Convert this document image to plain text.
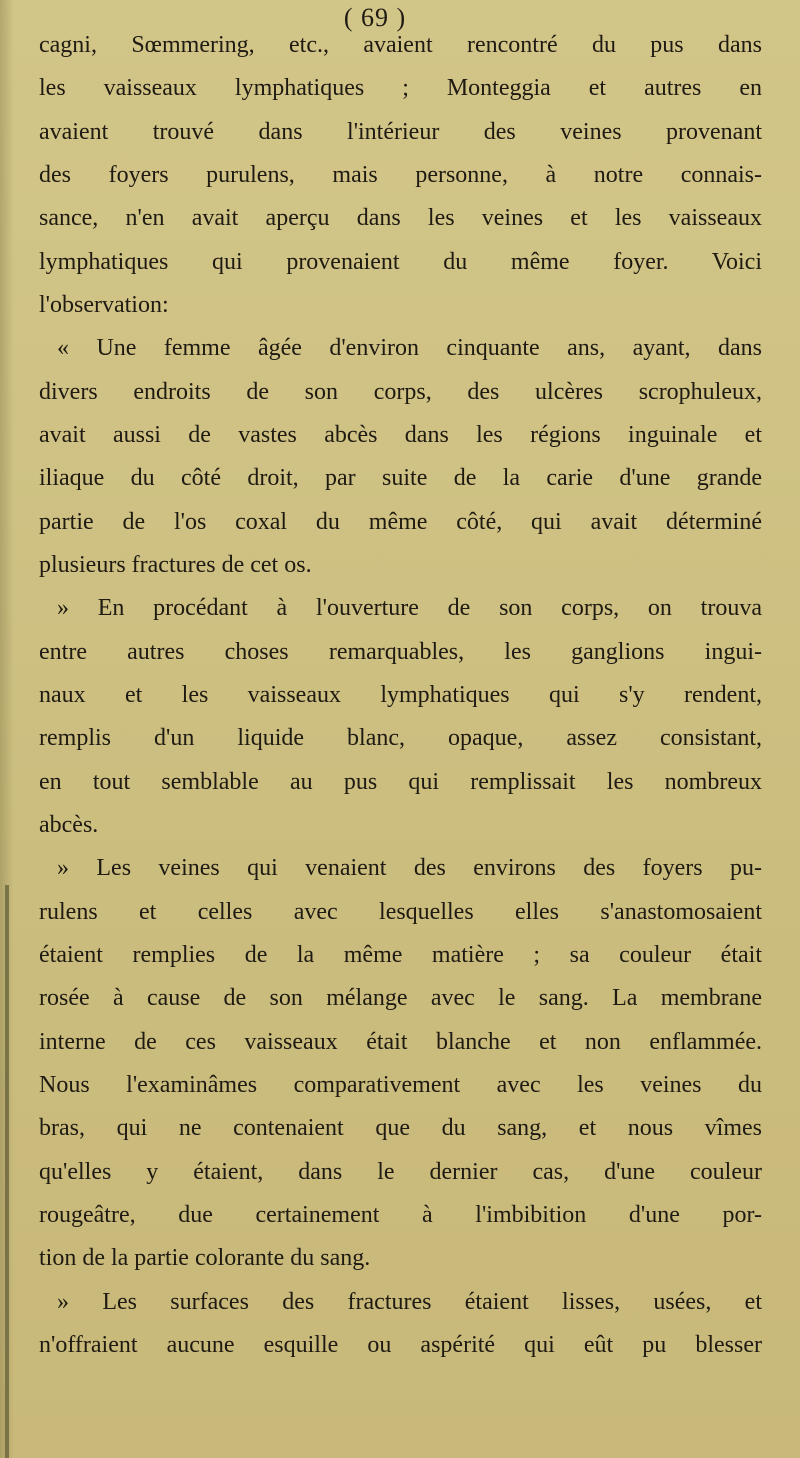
( 69 )
cagni, Sœmmering, etc., avaient rencontré du pus dans
les vaisseaux lymphatiques ; Monteggia et autres en
avaient trouvé dans l'intérieur des veines provenant
des foyers purulens, mais personne, à notre connais-
sance, n'en avait aperçu dans les veines et les vaisseaux
lymphatiques qui provenaient du même foyer. Voici
l'observation:
« Une femme âgée d'environ cinquante ans, ayant, dans
divers endroits de son corps, des ulcères scrophuleux,
avait aussi de vastes abcès dans les régions inguinale et
iliaque du côté droit, par suite de la carie d'une grande
partie de l'os coxal du même côté, qui avait déterminé
plusieurs fractures de cet os.
» En procédant à l'ouverture de son corps, on trouva
entre autres choses remarquables, les ganglions ingui-
naux et les vaisseaux lymphatiques qui s'y rendent,
remplis d'un liquide blanc, opaque, assez consistant,
en tout semblable au pus qui remplissait les nombreux
abcès.
» Les veines qui venaient des environs des foyers pu-
rulens et celles avec lesquelles elles s'anastomosaient
étaient remplies de la même matière ; sa couleur était
rosée à cause de son mélange avec le sang. La membrane
interne de ces vaisseaux était blanche et non enflammée.
Nous l'examinâmes comparativement avec les veines du
bras, qui ne contenaient que du sang, et nous vîmes
qu'elles y étaient, dans le dernier cas, d'une couleur
rougeâtre, due certainement à l'imbibition d'une por-
tion de la partie colorante du sang.
» Les surfaces des fractures étaient lisses, usées, et
n'offraient aucune esquille ou aspérité qui eût pu blesser
